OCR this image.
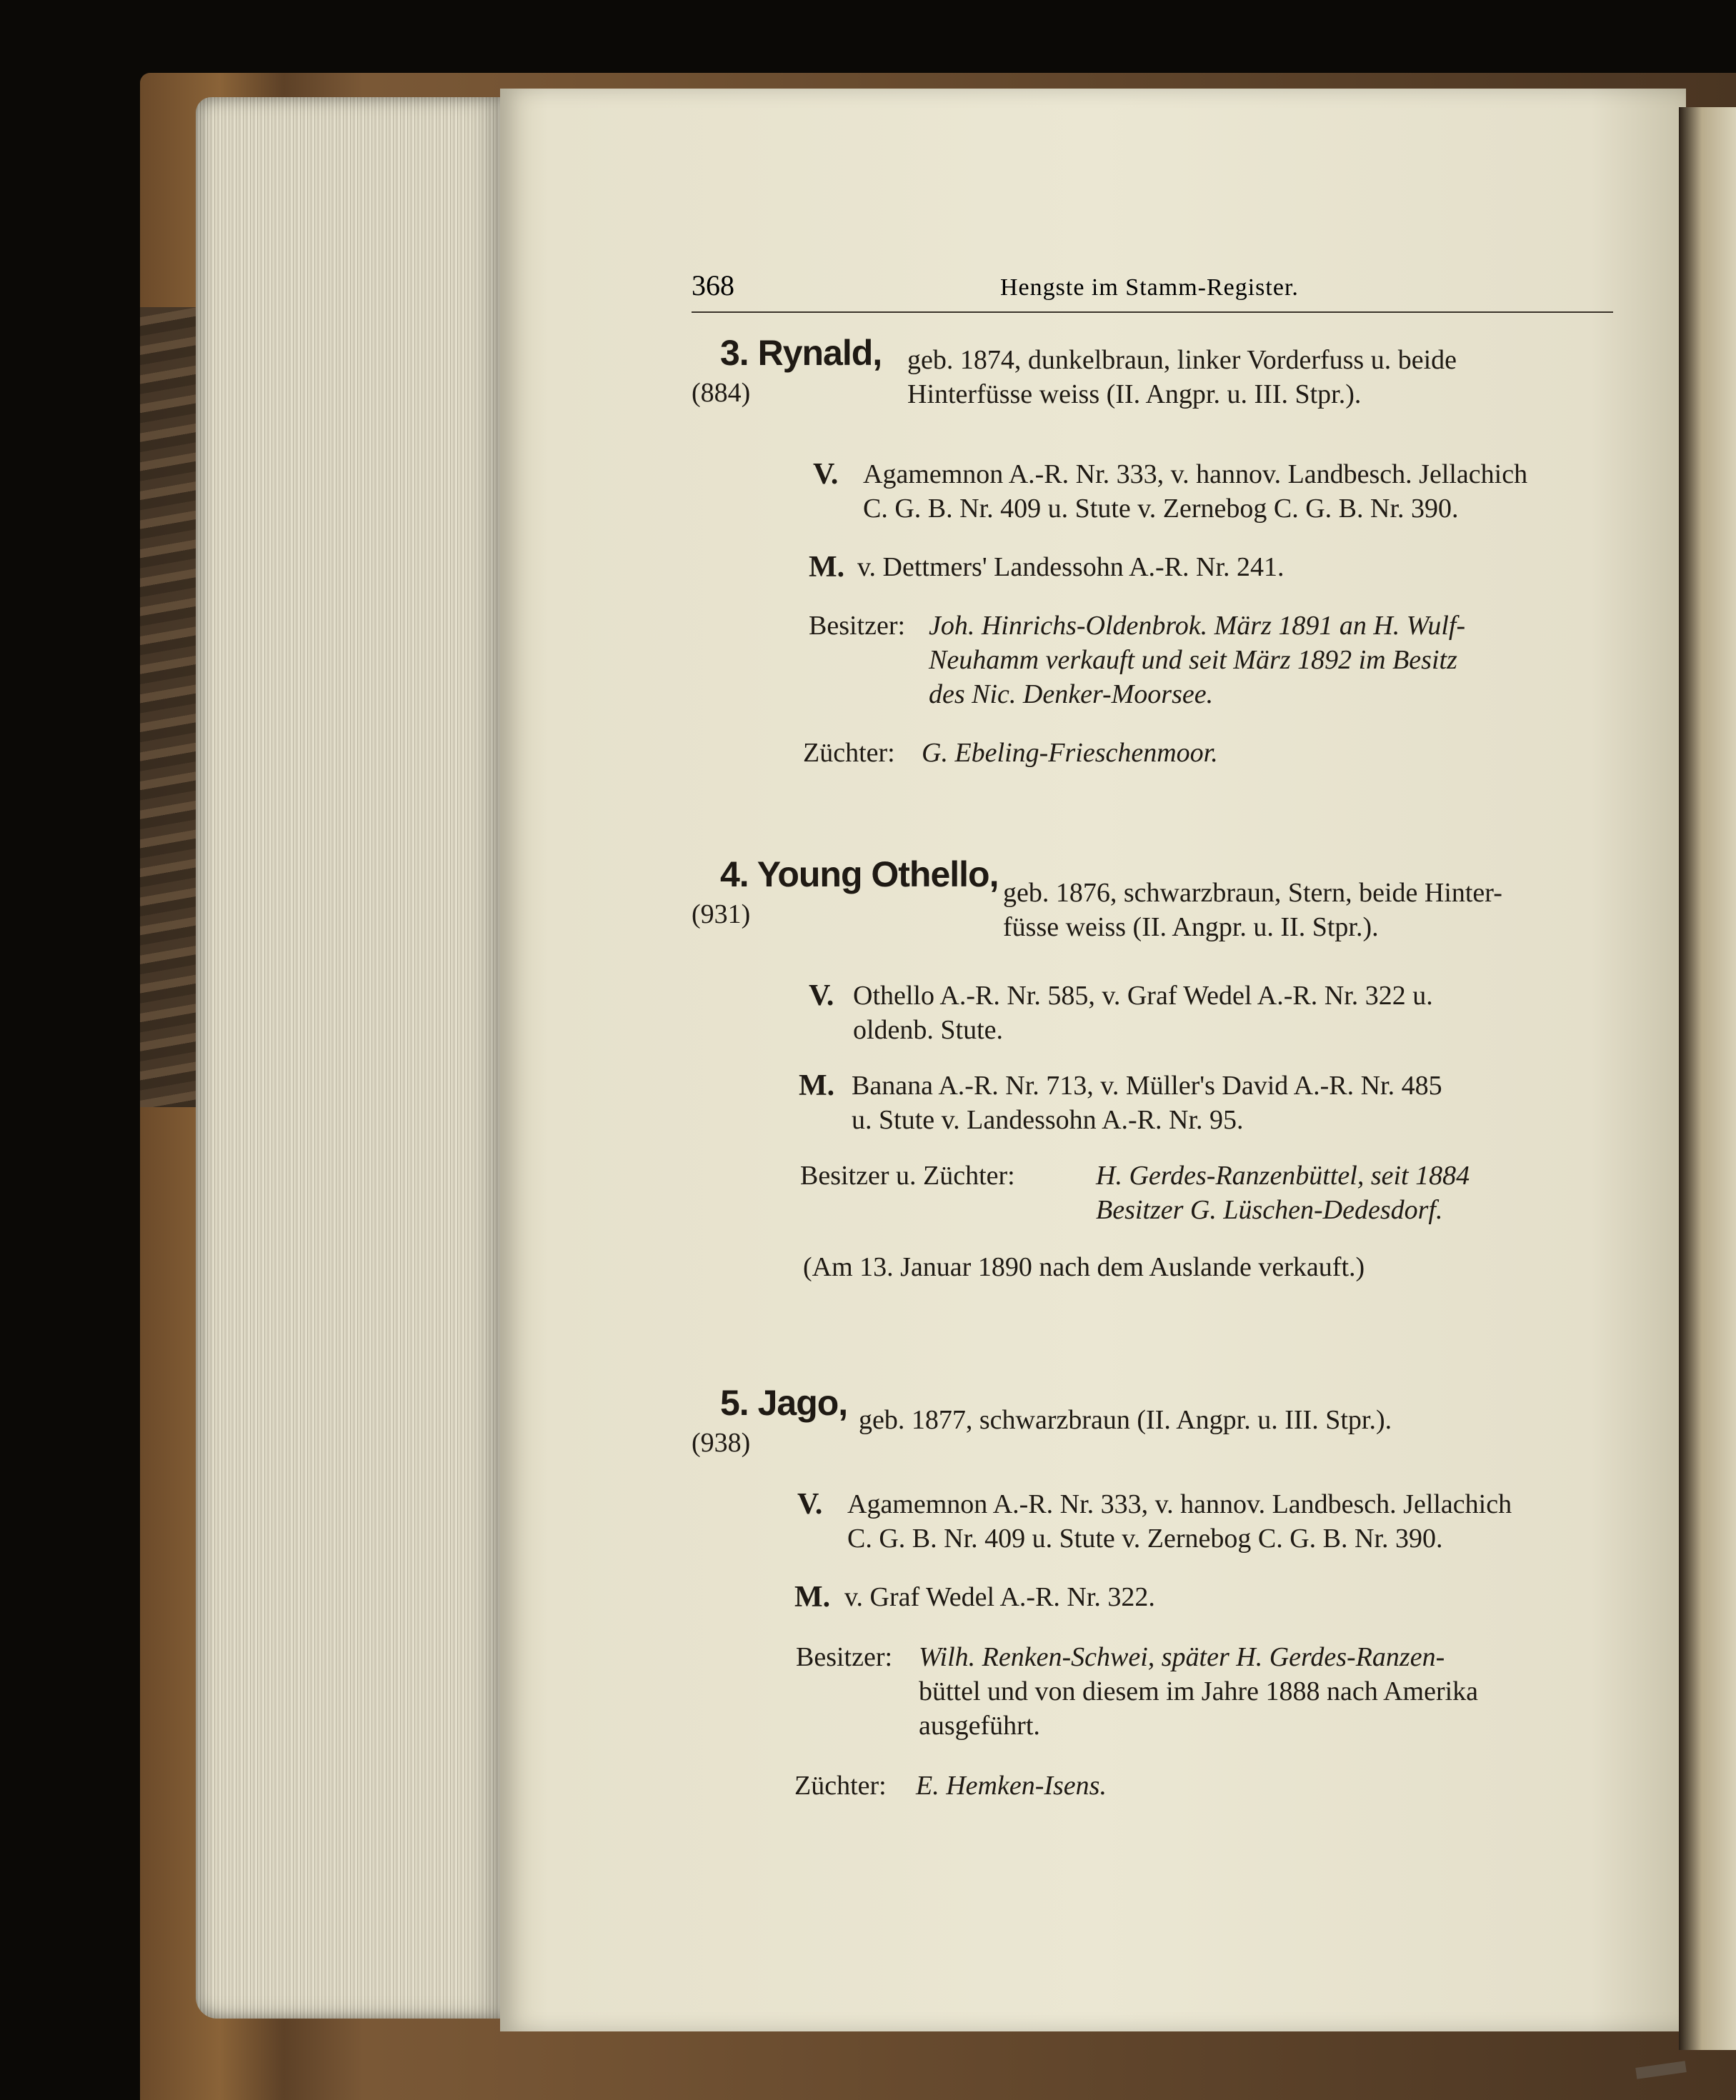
368	Hengste im Stamm-Register.
3. Rynald,
(884)
geb. 1874, dunkelbraun, linker Vorderfuss u. beide
Hinterfüsse weiss (II. Angpr. u. III. Stpr.).
V. Agamemnon A.-R. Nr. 333, v. hannov. Landbesch. Jellachich
C. G. B. Nr. 409 u. Stute v. Zernebog C. G. B. Nr. 390.
M. v. Dettmers' Landessohn A.-R. Nr. 241.
Besitzer: Joh. Hinrichs-Oldenbrok. März 1891 an H. Wulf-
Neuhamm verkauft und seit März 1892 im Besitz
des Nic. Denker-Moorsee.
Züchter: G. Ebeling-Frieschenmoor.
4. Young Othello,
(931)
geb. 1876, schwarzbraun, Stern, beide Hinter-
füsse weiss (II. Angpr. u. II. Stpr.).
V. Othello A.-R. Nr. 585, v. Graf Wedel A.-R. Nr. 322 u.
oldenb. Stute.
M. Banana A.-R. Nr. 713, v. Müller's David A.-R. Nr. 485
u. Stute v. Landessohn A.-R. Nr. 95.
Besitzer u. Züchter:	H. Gerdes-Ranzenbüttel, seit 1884
Besitzer G. Lüschen-Dedesdorf.
(Am 13. Januar 1890 nach dem Auslande verkauft.)
5. Jago,
(938)
geb. 1877, schwarzbraun (II. Angpr. u. III. Stpr.).
V. Agamemnon A.-R. Nr. 333, v. hannov. Landbesch. Jellachich
C. G. B. Nr. 409 u. Stute v. Zernebog C. G. B. Nr. 390.
M. v. Graf Wedel A.-R. Nr. 322.
Besitzer: Wilh. Renken-Schwei, später H. Gerdes-Ranzen-
büttel und von diesem im Jahre 1888 nach Amerika
ausgeführt.
Züchter: E. Hemken-Isens.
